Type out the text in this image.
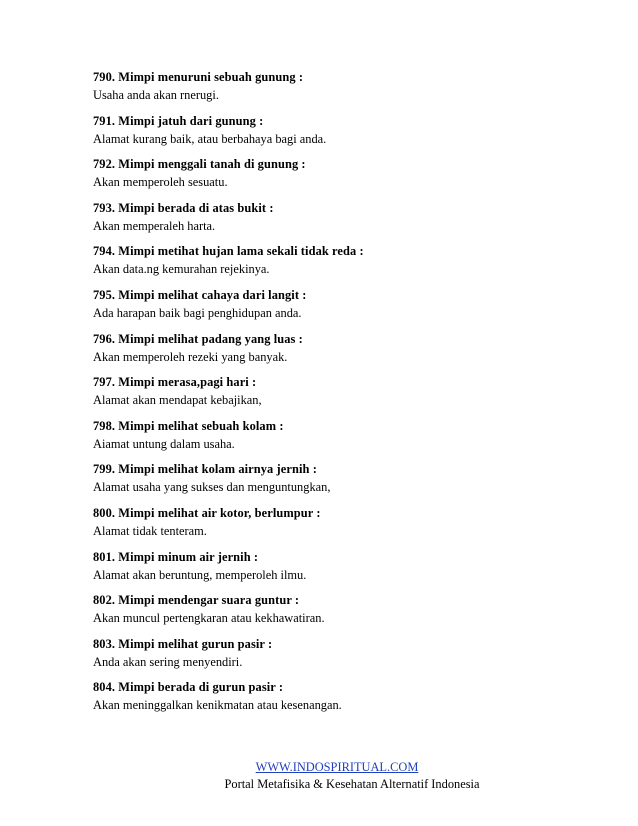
790. Mimpi menuruni sebuah gunung :
Usaha anda akan rnerugi.
791. Mimpi jatuh dari gunung :
Alamat kurang baik, atau berbahaya bagi anda.
792. Mimpi menggali tanah di gunung :
Akan memperoleh sesuatu.
793. Mimpi berada di atas bukit :
Akan memperaleh harta.
794. Mimpi metihat hujan lama sekali tidak reda :
Akan data.ng kemurahan rejekinya.
795. Mimpi melihat cahaya dari langit :
Ada harapan baik bagi penghidupan anda.
796. Mimpi melihat padang yang luas :
Akan memperoleh rezeki yang banyak.
797. Mimpi merasa,pagi hari :
Alamat akan mendapat kebajikan,
798. Mimpi melihat sebuah kolam :
Aiamat untung dalam usaha.
799. Mimpi melihat kolam airnya jernih :
Alamat usaha yang sukses dan menguntungkan,
800. Mimpi melihat air kotor, berlumpur :
Alamat tidak tenteram.
801. Mimpi minum air jernih :
Alamat akan beruntung, memperoleh ilmu.
802. Mimpi mendengar suara guntur :
Akan muncul pertengkaran atau kekhawatiran.
803. Mimpi melihat gurun pasir :
Anda akan sering menyendiri.
804. Mimpi berada di gurun pasir :
Akan meninggalkan kenikmatan atau kesenangan.
WWW.INDOSPIRITUAL.COM
Portal Metafisika & Kesehatan Alternatif Indonesia
